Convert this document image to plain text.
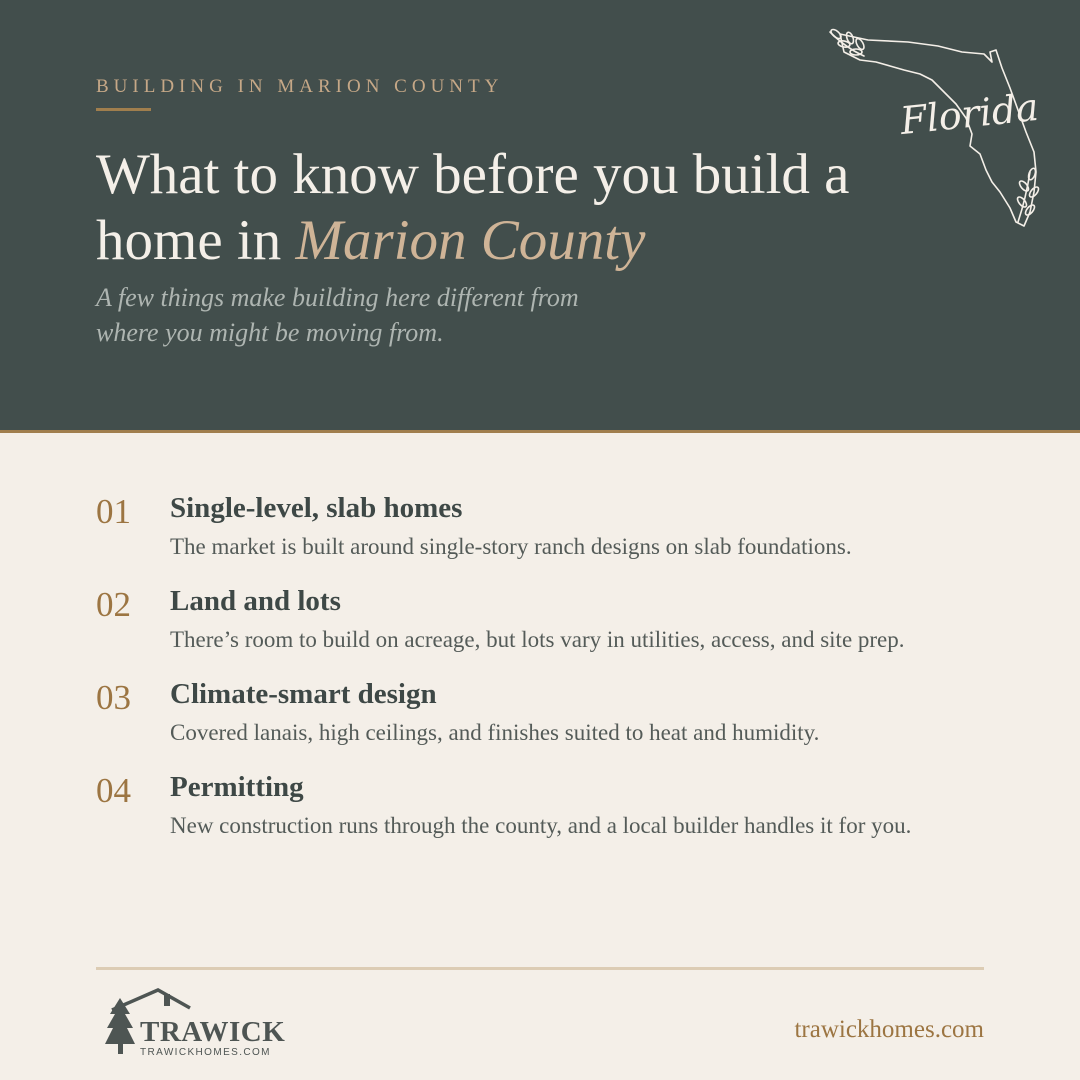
BUILDING IN MARION COUNTY
What to know before you build a home in Marion County

A few things make building here different from where you might be moving from.

Florida
01 Single-level, slab homes
The market is built around single-story ranch designs on slab foundations.
02 Land and lots
There’s room to build on acreage, but lots vary in utilities, access, and site prep.
03 Climate-smart design
Covered lanais, high ceilings, and finishes suited to heat and humidity.
04 Permitting
New construction runs through the county, and a local builder handles it for you.
TRAWICK
TRAWICKHOMES.COM
trawickhomes.com
